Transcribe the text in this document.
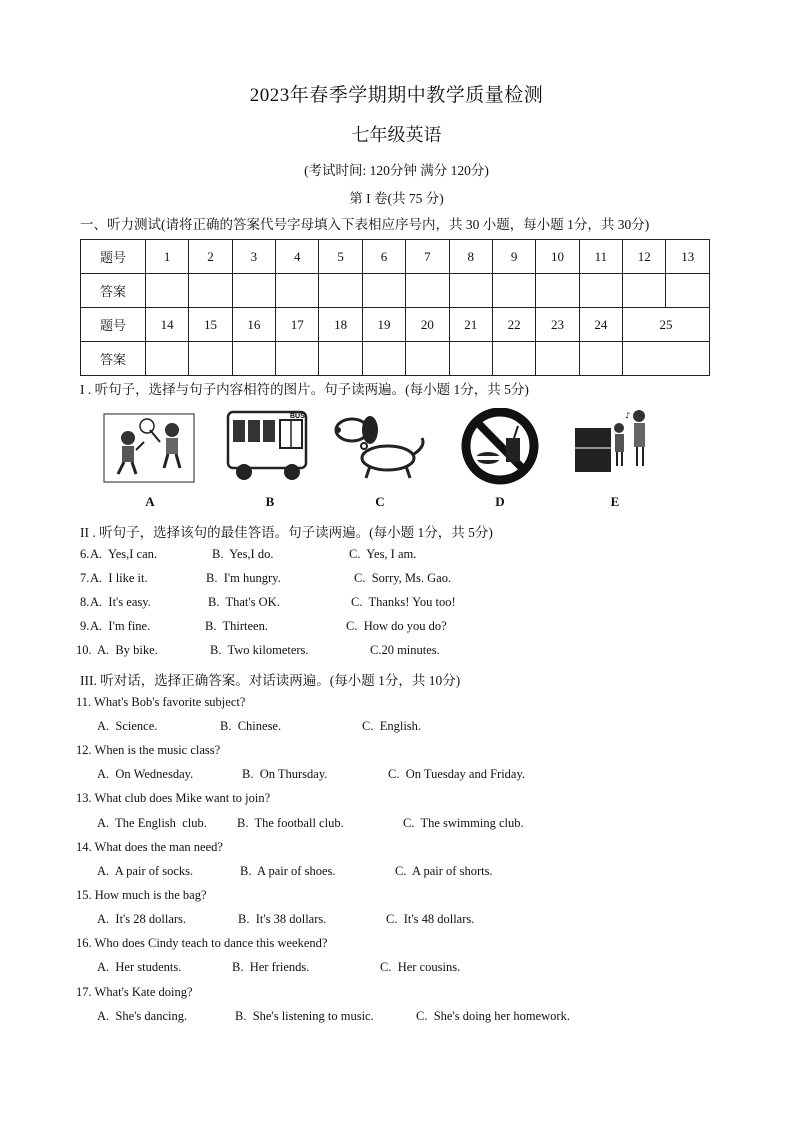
2023年春季学期期中教学质量检测
七年级英语
(考试时间: 120分钟 满分 120分)
第 I 卷(共 75 分)
一、听力测试(请将正确的答案代号字母填入下表相应序号内，共 30 小题，每小题 1分，共 30分)
题号	1	2	3	4	5	6	7	8	9	10	11	12	13
答案													
题号	14	15	16	17	18	19	20	21	22	23	24	25	
答案													
I . 听句子，选择与句子内容相符的图片。句子读两遍。(每小题 1分，共 5分)
A
BUS
B	C	D
♪
E
II . 听句子，选择该句的最佳答语。句子读两遍。(每小题 1分，共 5分)
6. A.  Yes,I can.	B.  Yes,I do.	C.  Yes, I am.
7. A.  I like it.	B.  I'm hungry.	C.  Sorry, Ms. Gao.
8. A.  It's easy.	B.  That's OK.	C.  Thanks! You too!
9. A.  I'm fine.	B.  Thirteen.	C.  How do you do?
10. A.  By bike.	B.  Two kilometers.	C.20 minutes.
III. 听对话，选择正确答案。对话读两遍。(每小题 1分，共 10分)
11. What's Bob's favorite subject?
A.  Science.	B.  Chinese.	C.  English.
12. When is the music class?
A.  On Wednesday.	B.  On Thursday.	C.  On Tuesday and Friday.
13. What club does Mike want to join?
A.  The English  club. B.  The football club.	C.  The swimming club.
14. What does the man need?
A.  A pair of socks.	B.  A pair of shoes.	C.  A pair of shorts.
15. How much is the bag?
A.  It's 28 dollars.	B.  It's 38 dollars.	C.  It's 48 dollars.
16. Who does Cindy teach to dance this weekend?
A.  Her students.	B.  Her friends.	C.  Her cousins.
17. What's Kate doing?
A.  She's dancing.	B.  She's listening to music.	C.  She's doing her homework.
